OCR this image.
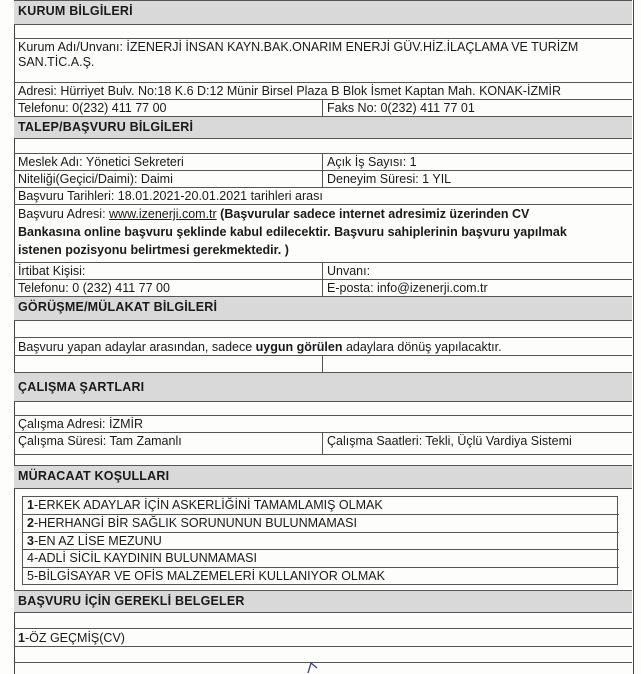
KURUM BİLGİLERİ
Kurum Adı/Unvanı: İZENERJİ İNSAN KAYN.BAK.ONARIM ENERJİ GÜV.HİZ.İLAÇLAMA VE TURİZM
SAN.TİC.A.Ş.
Adresi: Hürriyet Bulv. No:18 K.6 D:12 Münir Birsel Plaza B Blok İsmet Kaptan Mah. KONAK-İZMİR
Telefonu: 0(232) 411 77 00	Faks No: 0(232) 411 77 01
TALEP/BAŞVURU BİLGİLERİ
Meslek Adı: Yönetici Sekreteri	Açık İş Sayısı: 1
Niteliği(Geçici/Daimi): Daimi	Deneyim Süresi: 1 YIL
Başvuru Tarihleri: 18.01.2021-20.01.2021 tarihleri arası
Başvuru Adresi: www.izenerji.com.tr (Başvurular sadece internet adresimiz üzerinden CV
Bankasına online başvuru şeklinde kabul edilecektir. Başvuru sahiplerinin başvuru yapılmak
istenen pozisyonu belirtmesi gerekmektedir. )
İrtibat Kişisi:	Unvanı:
Telefonu: 0 (232) 411 77 00	E-posta: info@izenerji.com.tr
GÖRÜŞME/MÜLAKAT BİLGİLERİ
Başvuru yapan adaylar arasından, sadece uygun görülen adaylara dönüş yapılacaktır.
ÇALIŞMA ŞARTLARI
Çalışma Adresi: İZMİR
Çalışma Süresi: Tam Zamanlı	Çalışma Saatleri: Tekli, Üçlü Vardiya Sistemi
MÜRACAAT KOŞULLARI
1-ERKEK ADAYLAR İÇİN ASKERLİĞİNİ TAMAMLAMIŞ OLMAK
2-HERHANGİ BİR SAĞLIK SORUNUNUN BULUNMAMASI
3-EN AZ LİSE MEZUNU
4-ADLİ SİCİL KAYDININ BULUNMAMASI
5-BİLGİSAYAR VE OFİS MALZEMELERİ KULLANIYOR OLMAK
BAŞVURU İÇİN GEREKLİ BELGELER
1-ÖZ GEÇMİŞ(CV)
